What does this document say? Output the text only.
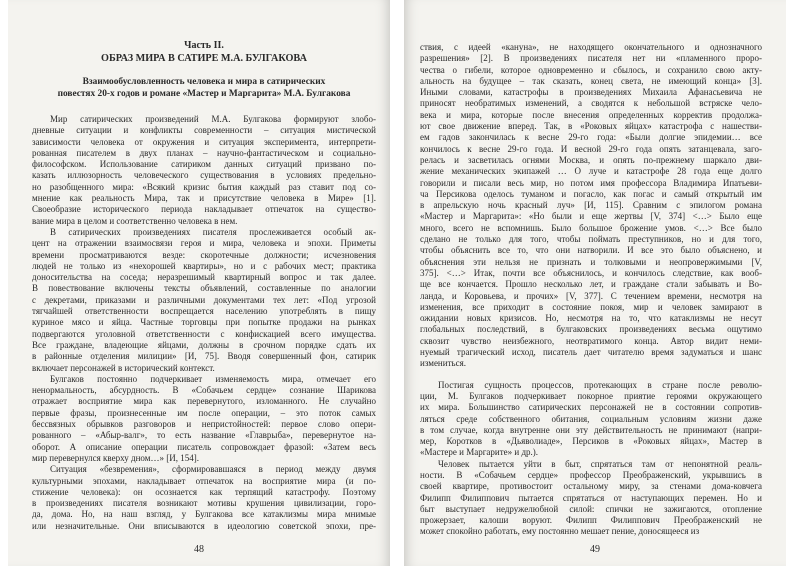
Часть II.
ОБРАЗ МИРА В САТИРЕ М.А. БУЛГАКОВА
Взаимообусловленность человека и мира в сатирических
повестях 20-х годов и романе «Мастер и Маргарита» М.А. Булгакова
Мир сатирических произведений М.А. Булгакова формируют злобо-
дневные ситуации и конфликты современности – ситуация мистической
зависимости человека от окружения и ситуация эксперимента, интерпрети-
рованная писателем в двух планах – научно-фантастическом и социально-
философском. Использование сатириком данных ситуаций призвано по-
казать иллюзорность человеческого существования в условиях предельно-
но разобщенного мира: «Всякий кризис бытия каждый раз ставит под со-
мнение как реальность Мира, так и присутствие человека в Мире» [1].
Своеобразие исторического периода накладывает отпечаток на существо-
вание мира в целом и соответственно человека в нем.
В сатирических произведениях писателя прослеживается особый ак-
цент на отражении взаимосвязи героя и мира, человека и эпохи. Приметы
времени просматриваются везде: скоротечные должности; исчезновения
людей не только из «нехорошей квартиры», но и с рабочих мест; практика
доносительства на соседа; неразрешимый квартирный вопрос и так далее.
В повествование включены тексты объявлений, составленные по аналогии
с декретами, приказами и различными документами тех лет: «Под угрозой
тягчайшей ответственности воспрещается населению употреблять в пищу
куриное мясо и яйца. Частные торговцы при попытке продажи на рынках
подвергаются уголовной ответственности с конфискацией всего имущества.
Все граждане, владеющие яйцами, должны в срочном порядке сдать их
в районные отделения милиции» [И, 75]. Вводя совершенный фон, сатирик
включает персонажей в исторический контекст.
Булгаков постоянно подчеркивает изменяемость мира, отмечает его
ненормальность, абсурдность. В «Собачьем сердце» сознание Шарикова
отражает восприятие мира как перевернутого, изломанного. Не случайно
первые фразы, произнесенные им после операции, – это поток самых
бессвязных обрывков разговоров и непристойностей: первое слово опери-
рованного – «Абыр-валг», то есть название «Главрыба», перевернутое на-
оборот. А описание операции писатель сопровождает фразой: «Затем весь
мир перевернулся кверху дном…» [И, 154].
Ситуация «безвремения», сформировавшаяся в период между двумя
культурными эпохами, накладывает отпечаток на восприятие мира (и по-
стижение человека): он осознается как терпящий катастрофу. Поэтому
в произведениях писателя возникают мотивы крушения цивилизации, горо-
да, дома. Но, на наш взгляд, у Булгакова все катаклизмы мира мнимые
или незначительные. Они вписываются в идеологию советской эпохи, пре-
48
ствия, с идеей «канунa», не находящего окончательного и однозначного
разрешения» [2]. В произведениях писателя нет ни «пламенного проро-
чества о гибели, которое одновременно и сбылось, и сохранило свою акту-
альность на будущее – так сказать, конец света, не имеющий конца» [3].
Иными словами, катастрофы в произведениях Михаила Афанасьевича не
приносят необратимых изменений, а сводятся к небольшой встряске чело-
века и мира, которые после внесения определенных корректив продолжа-
ют свое движение вперед. Так, в «Роковых яйцах» катастрофа с нашестви-
ем гадов закончилась к весне 29-го года: «Были долгие эпидемии… все
кончилось к весне 29-го года. И весной 29-го года опять затанцевала, заго-
релась и засветилась огнями Москва, и опять по-прежнему шаркало дви-
жение механических экипажей … О луче и катастрофе 28 года еще долго
говорили и писали весь мир, но потом имя профессора Владимира Ипатьеви-
ча Персикова оделось туманом и погасло, как погас и самый открытый им
в апрельскую ночь красный луч» [И, 115]. Сравним с эпилогом романа
«Мастер и Маргарита»: «Но были и еще жертвы [V, 374] <…> Было еще
много, всего не вспомнишь. Было большое брожение умов. <…> Все было
сделано не только для того, чтобы поймать преступников, но и для того,
чтобы объяснить все то, что они натворили. И все это было объяснено, и
объяснения эти нельзя не признать и толковыми и неопровержимыми [V,
375]. <…> Итак, почти все объяснилось, и кончилось следствие, как вооб-
ще все кончается. Прошло несколько лет, и граждане стали забывать и Во-
ланда, и Коровьева, и прочих» [V, 377]. С течением времени, несмотря на
изменения, все приходит в состояние покоя, мир и человек замирают в
ожидании новых кризисов. Но, несмотря на то, что катаклизмы не несут
глобальных последствий, в булгаковских произведениях весьма ощутимо
сквозит чувство неизбежного, неотвратимого конца. Автор видит неми-
нуемый трагический исход, писатель дает читателю время задуматься и шанс
измениться.
Постигая сущность процессов, протекающих в стране после револю-
ции, М. Булгаков подчеркивает покорное приятие героями окружающего
их мира. Большинство сатирических персонажей не в состоянии сопротив-
ляться среде собственного обитания, социальным условиям жизни даже
в том случае, когда внутренне они эту действительность не принимают (напри-
мер, Коротков в «Дьяволиаде», Персиков в «Роковых яйцах», Мастер в
«Мастере и Маргарите» и др.).
Человек пытается уйти в быт, спрятаться там от непонятной реаль-
ности. В «Собачьем сердце» профессор Преображенский, укрывшись в
своей квартире, противостоит остальному миру, за стенами дома-ковчега
Филипп Филиппович пытается спрятаться от наступающих перемен. Но и
быт выступает недружелюбной силой: спички не зажигаются, отопление
прожерзает, калоши воруют. Филипп Филиппович Преображенский не
может спокойно работать, ему постоянно мешает пение, доносящееся из
49
